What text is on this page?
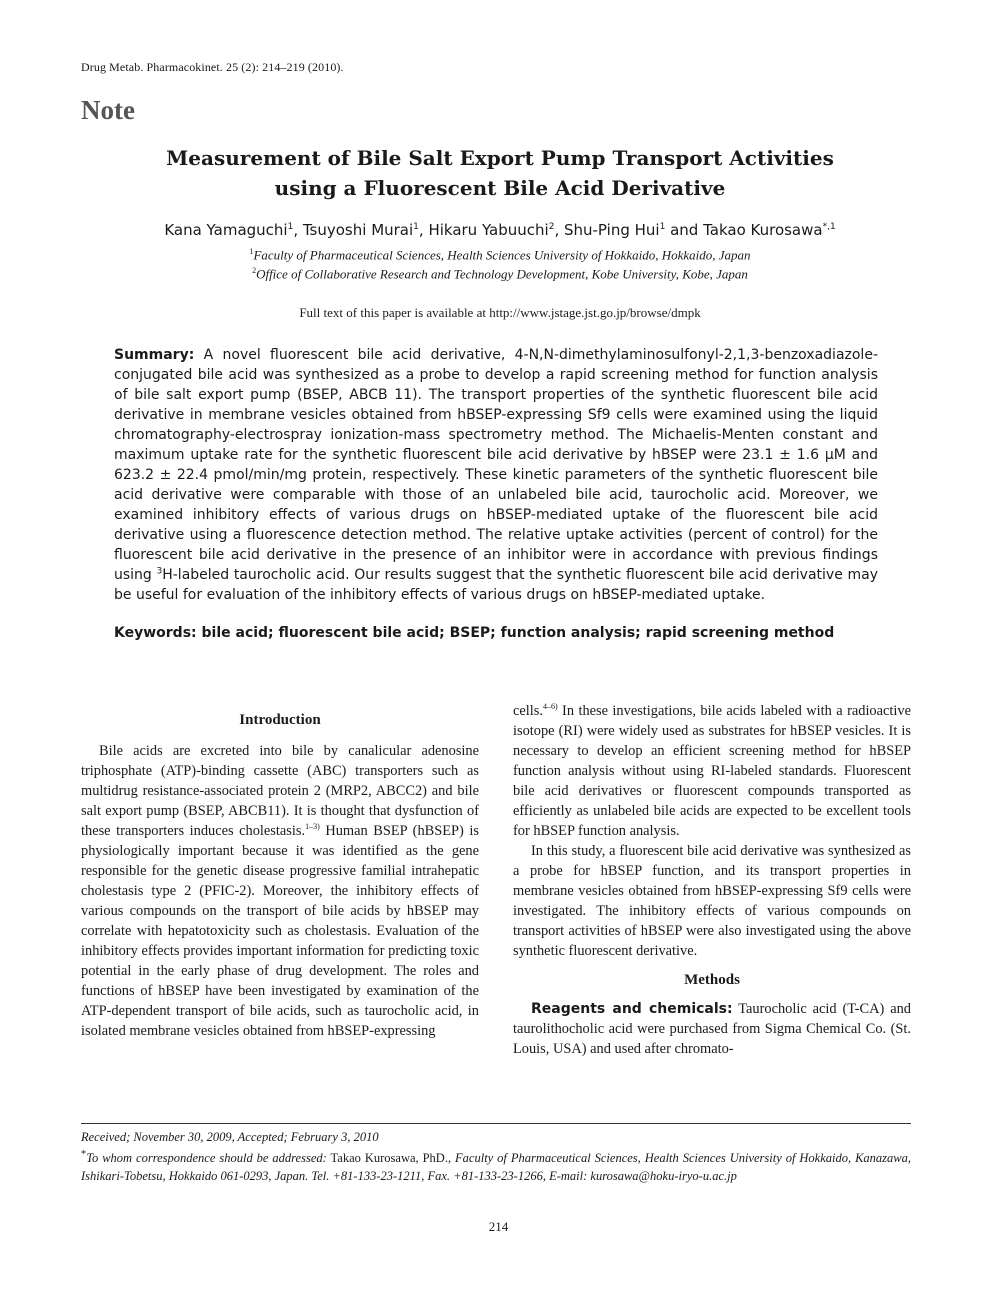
Drug Metab. Pharmacokinet. 25 (2): 214–219 (2010).
Note
Measurement of Bile Salt Export Pump Transport Activities
using a Fluorescent Bile Acid Derivative
Kana Yamaguchi$^1$, Tsuyoshi Murai$^1$, Hikaru Yabuuchi$^2$, Shu-Ping Hui$^1$ and Takao Kurosawa$^{*,1}$
$^1$Faculty of Pharmaceutical Sciences, Health Sciences University of Hokkaido, Hokkaido, Japan
$^2$Office of Collaborative Research and Technology Development, Kobe University, Kobe, Japan
Full text of this paper is available at http://www.jstage.jst.go.jp/browse/dmpk
Summary: A novel fluorescent bile acid derivative, 4-N,N-dimethylaminosulfonyl-2,1,3-benzoxadiazole-conjugated bile acid was synthesized as a probe to develop a rapid screening method for function analysis of bile salt export pump (BSEP, ABCB 11). The transport properties of the synthetic fluorescent bile acid derivative in membrane vesicles obtained from hBSEP-expressing Sf9 cells were examined using the liquid chromatography-electrospray ionization-mass spectrometry method. The Michaelis-Menten constant and maximum uptake rate for the synthetic fluorescent bile acid derivative by hBSEP were 23.1 ± 1.6 μM and 623.2 ± 22.4 pmol/min/mg protein, respectively. These kinetic parameters of the synthetic fluorescent bile acid derivative were comparable with those of an unlabeled bile acid, taurocholic acid. Moreover, we examined inhibitory effects of various drugs on hBSEP-mediated uptake of the fluorescent bile acid derivative using a fluorescence detection method. The relative uptake activities (percent of control) for the fluorescent bile acid derivative in the presence of an inhibitor were in accordance with previous findings using $^3$H-labeled taurocholic acid. Our results suggest that the synthetic fluorescent bile acid derivative may be useful for evaluation of the inhibitory effects of various drugs on hBSEP-mediated uptake.
Keywords: bile acid; fluorescent bile acid; BSEP; function analysis; rapid screening method
Introduction

Bile acids are excreted into bile by canalicular adenosine triphosphate (ATP)-binding cassette (ABC) transporters such as multidrug resistance-associated protein 2 (MRP2, ABCC2) and bile salt export pump (BSEP, ABCB11). It is thought that dysfunction of these transporters induces cholestasis.$^{1-3)}$ Human BSEP (hBSEP) is physiologically important because it was identified as the gene responsible for the genetic disease progressive familial intrahepatic cholestasis type 2 (PFIC-2). Moreover, the inhibitory effects of various compounds on the transport of bile acids by hBSEP may correlate with hepatotoxicity such as cholestasis. Evaluation of the inhibitory effects provides important information for predicting toxic potential in the early phase of drug development. The roles and functions of hBSEP have been investigated by examination of the ATP-dependent transport of bile acids, such as taurocholic acid, in isolated membrane vesicles obtained from hBSEP-expressing

cells.$^{4-6)}$ In these investigations, bile acids labeled with a radioactive isotope (RI) were widely used as substrates for hBSEP vesicles. It is necessary to develop an efficient screening method for hBSEP function analysis without using RI-labeled standards. Fluorescent bile acid derivatives or fluorescent compounds transported as efficiently as unlabeled bile acids are expected to be excellent tools for hBSEP function analysis.

In this study, a fluorescent bile acid derivative was synthesized as a probe for hBSEP function, and its transport properties in membrane vesicles obtained from hBSEP-expressing Sf9 cells were investigated. The inhibitory effects of various compounds on transport activities of hBSEP were also investigated using the above synthetic fluorescent derivative.

Methods

Reagents and chemicals: Taurocholic acid (T-CA) and taurolithocholic acid were purchased from Sigma Chemical Co. (St. Louis, USA) and used after chromato-

Received; November 30, 2009, Accepted; February 3, 2010

*To whom correspondence should be addressed: Takao Kurosawa, PhD., Faculty of Pharmaceutical Sciences, Health Sciences University of Hokkaido, Kanazawa, Ishikari-Tobetsu, Hokkaido 061-0293, Japan. Tel. +81-133-23-1211, Fax. +81-133-23-1266, E-mail: kurosawa@hoku-iryo-u.ac.jp

214
